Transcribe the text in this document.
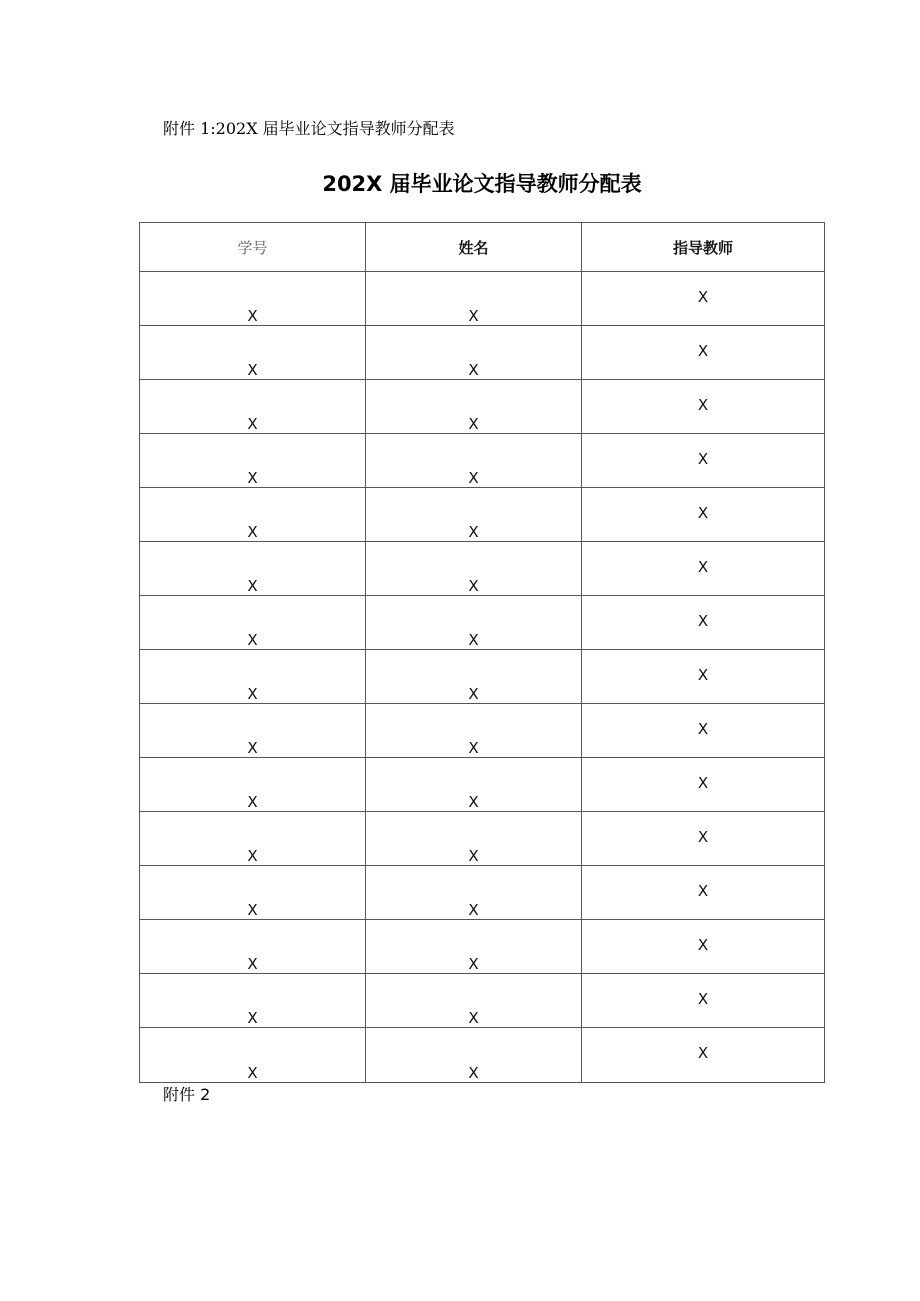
附件 1:202X 届毕业论文指导教师分配表
202X 届毕业论文指导教师分配表
学号	姓名	指导教师

X	X	X

X	X	X

X	X	X

X	X	X

X	X	X

X	X	X

X	X	X

X	X	X

X	X	X

X	X	X

X	X	X

X	X	X

X	X	X

X	X	X

X	X	X
附件 2
